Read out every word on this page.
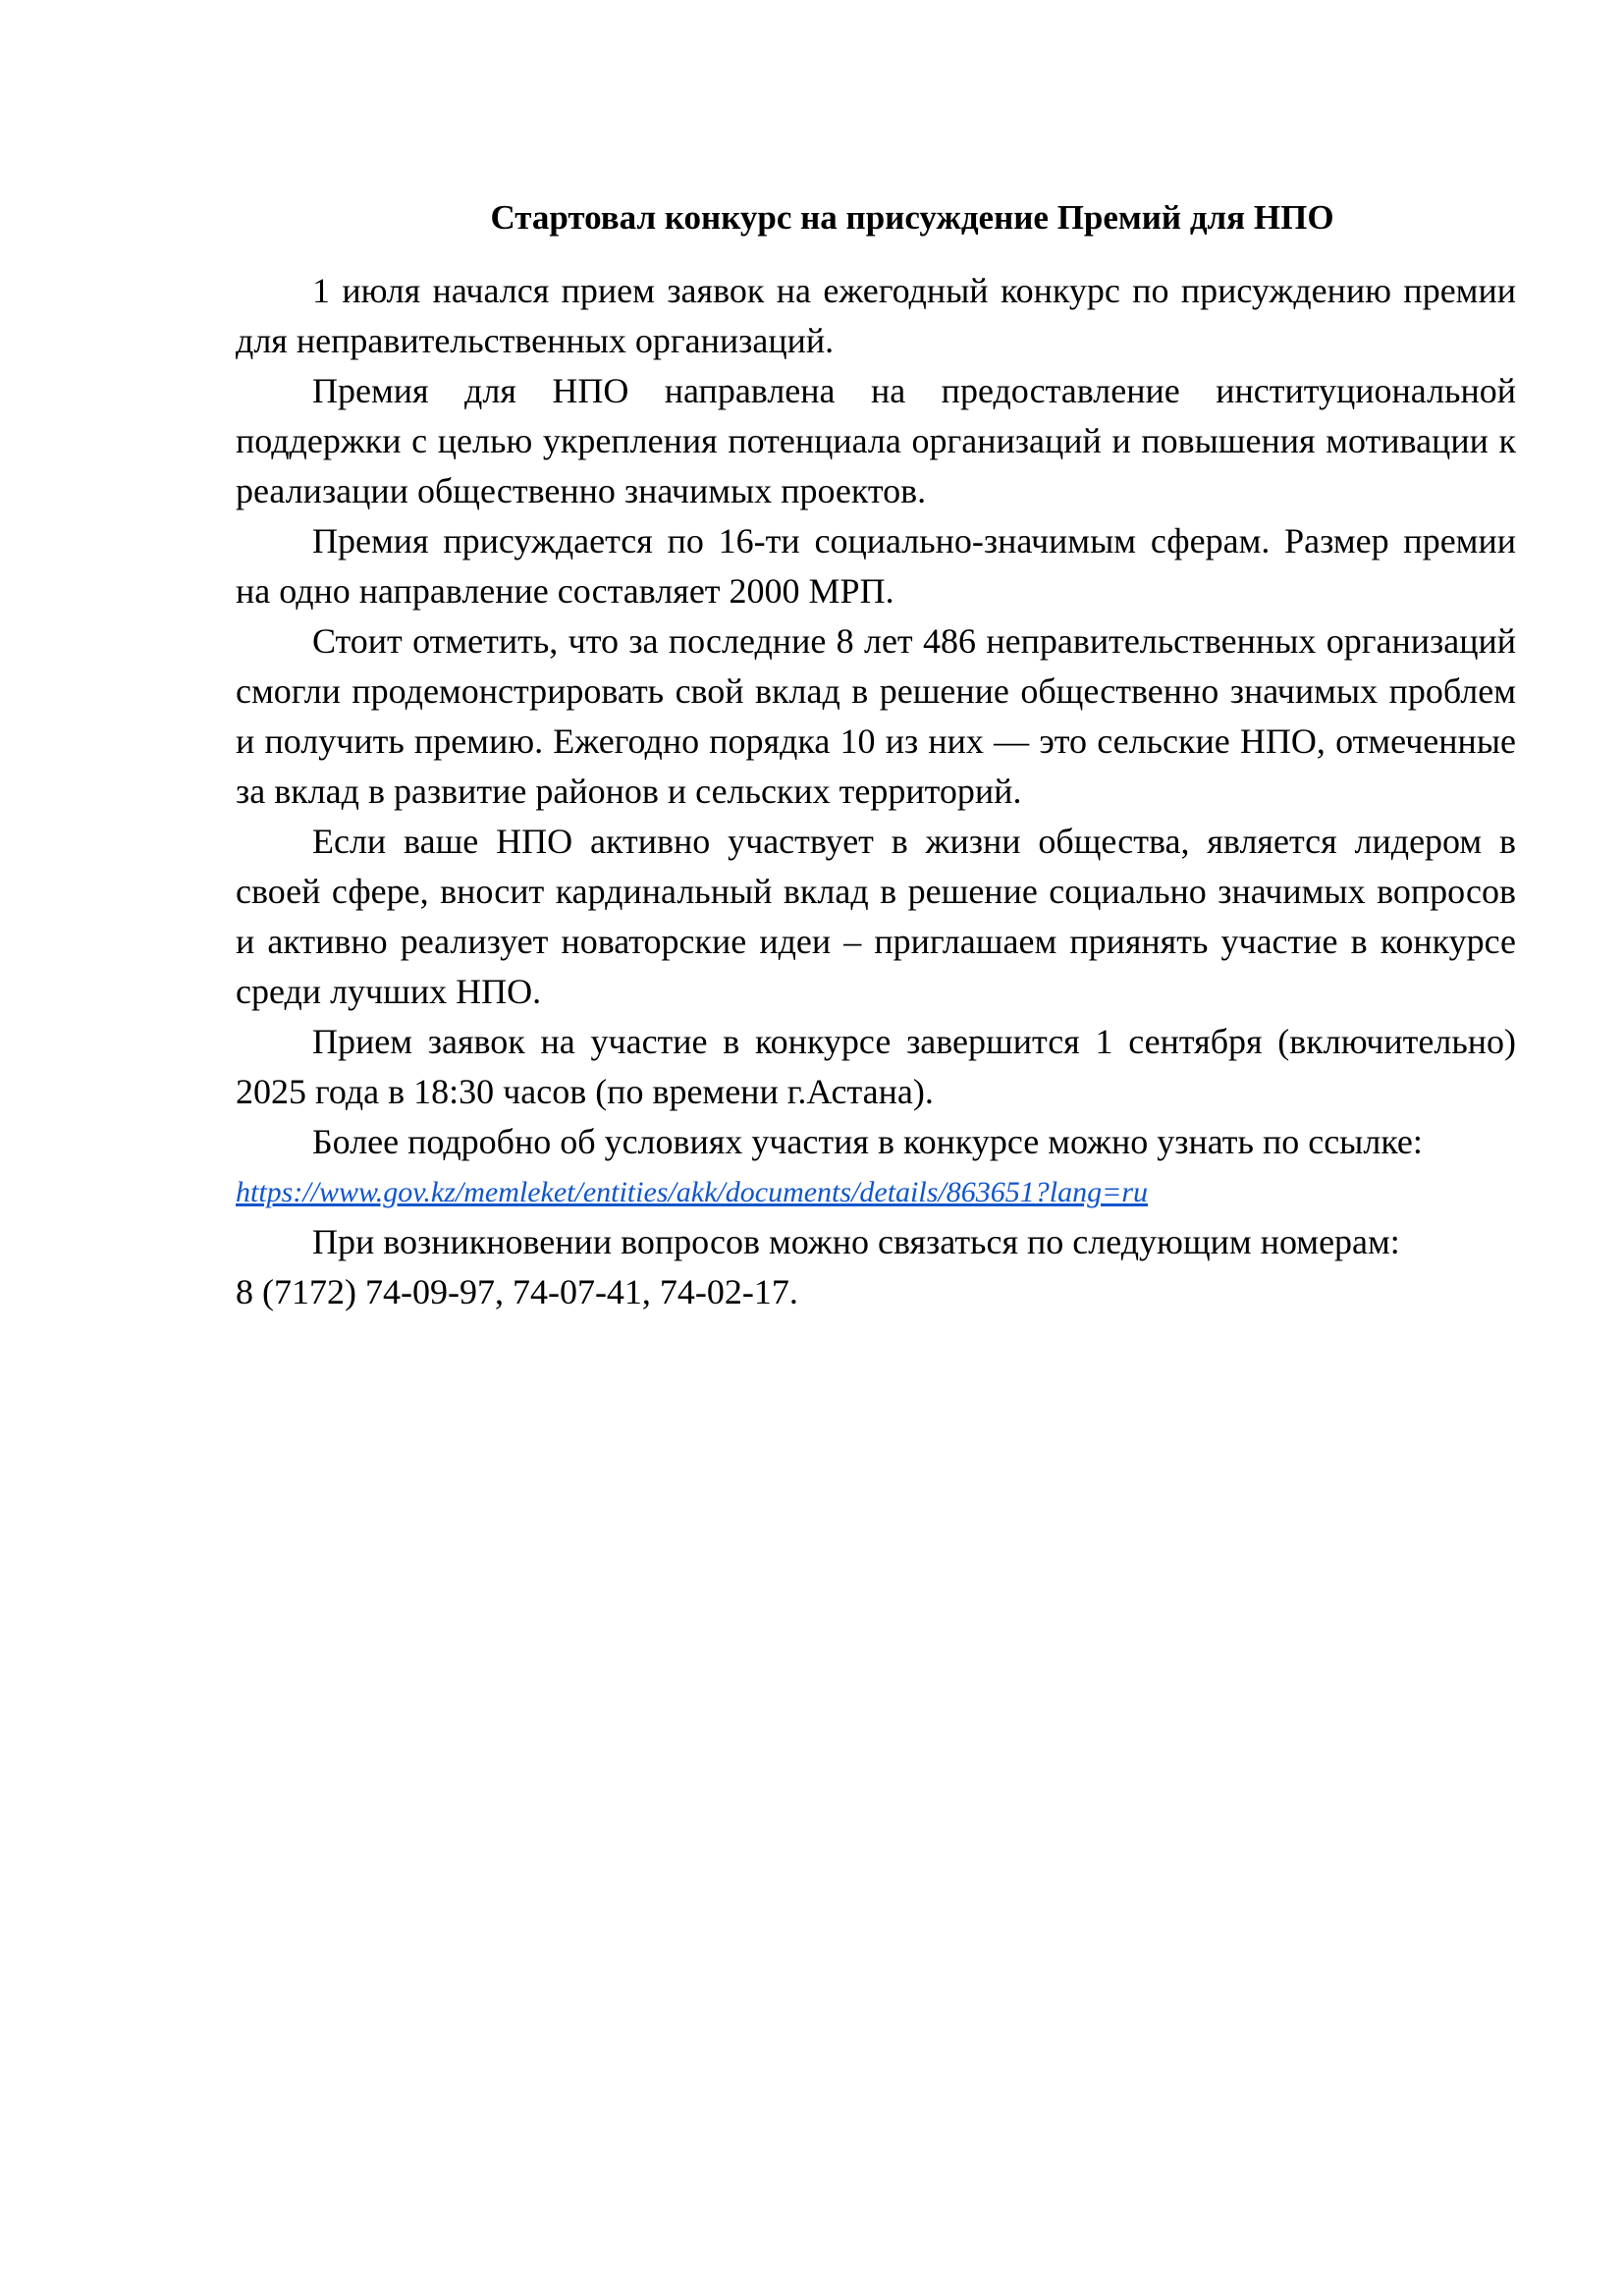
Стартовал конкурс на присуждение Премий для НПО

1 июля начался прием заявок на ежегодный конкурс по присуждению премии для неправительственных организаций.

Премия для НПО направлена на предоставление институциональной поддержки с целью укрепления потенциала организаций и повышения мотивации к реализации общественно значимых проектов.

Премия присуждается по 16-ти социально-значимым сферам. Размер премии на одно направление составляет 2000 МРП.

Стоит отметить, что за последние 8 лет 486 неправительственных организаций смогли продемонстрировать свой вклад в решение общественно значимых проблем и получить премию. Ежегодно порядка 10 из них — это сельские НПО, отмеченные за вклад в развитие районов и сельских территорий.

Если ваше НПО активно участвует в жизни общества, является лидером в своей сфере, вносит кардинальный вклад в решение социально значимых вопросов и активно реализует новаторские идеи – приглашаем приянять участие в конкурсе среди лучших НПО.

Прием заявок на участие в конкурсе завершится 1 сентября (включительно) 2025 года в 18:30 часов (по времени г.Астана).

Более подробно об условиях участия в конкурсе можно узнать по ссылке:

https://www.gov.kz/memleket/entities/akk/documents/details/863651?lang=ru

При возникновении вопросов можно связаться по следующим номерам:

8 (7172) 74-09-97, 74-07-41, 74-02-17.
